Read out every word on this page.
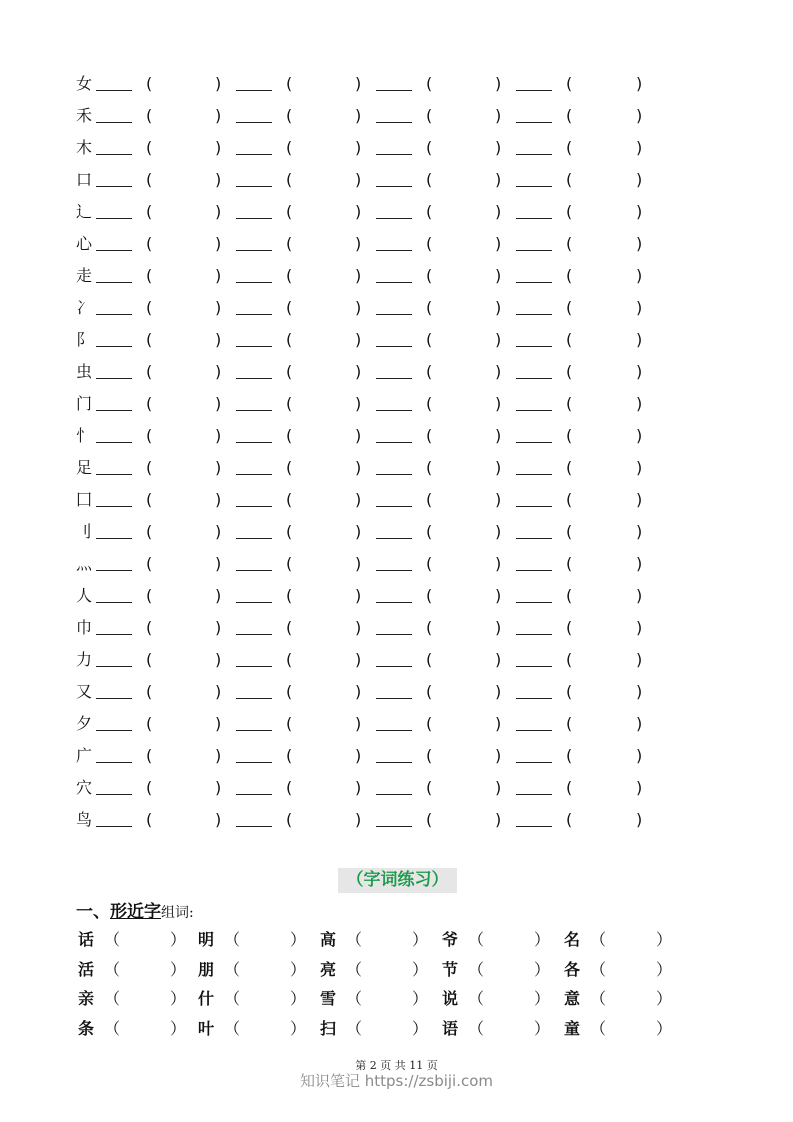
女	(	)	(	)	(	)	(	)
禾	(	)	(	)	(	)	(	)
木	(	)	(	)	(	)	(	)
口	(	)	(	)	(	)	(	)
辶	(	)	(	)	(	)	(	)
心	(	)	(	)	(	)	(	)
走	(	)	(	)	(	)	(	)
冫	(	)	(	)	(	)	(	)
阝	(	)	(	)	(	)	(	)
虫	(	)	(	)	(	)	(	)
门	(	)	(	)	(	)	(	)
忄	(	)	(	)	(	)	(	)
足	(	)	(	)	(	)	(	)
囗	(	)	(	)	(	)	(	)
刂	(	)	(	)	(	)	(	)
灬	(	)	(	)	(	)	(	)
人	(	)	(	)	(	)	(	)
巾	(	)	(	)	(	)	(	)
力	(	)	(	)	(	)	(	)
又	(	)	(	)	(	)	(	)
夕	(	)	(	)	(	)	(	)
广	(	)	(	)	(	)	(	)
穴	(	)	(	)	(	)	(	)
鸟	(	)	(	)	(	)	(	)
（字词练习）
一、形近字组词:
话 （	） 明 （	） 高 （	） 爷 （	） 名 （	）
活 （	） 朋 （	） 亮 （	） 节 （	） 各 （	）
亲 （	） 什 （	） 雪 （	） 说 （	） 意 （	）
条 （	） 叶 （	） 扫 （	） 语 （	） 童 （	）
第 2 页 共 11 页
知识笔记 https://zsbiji.com
